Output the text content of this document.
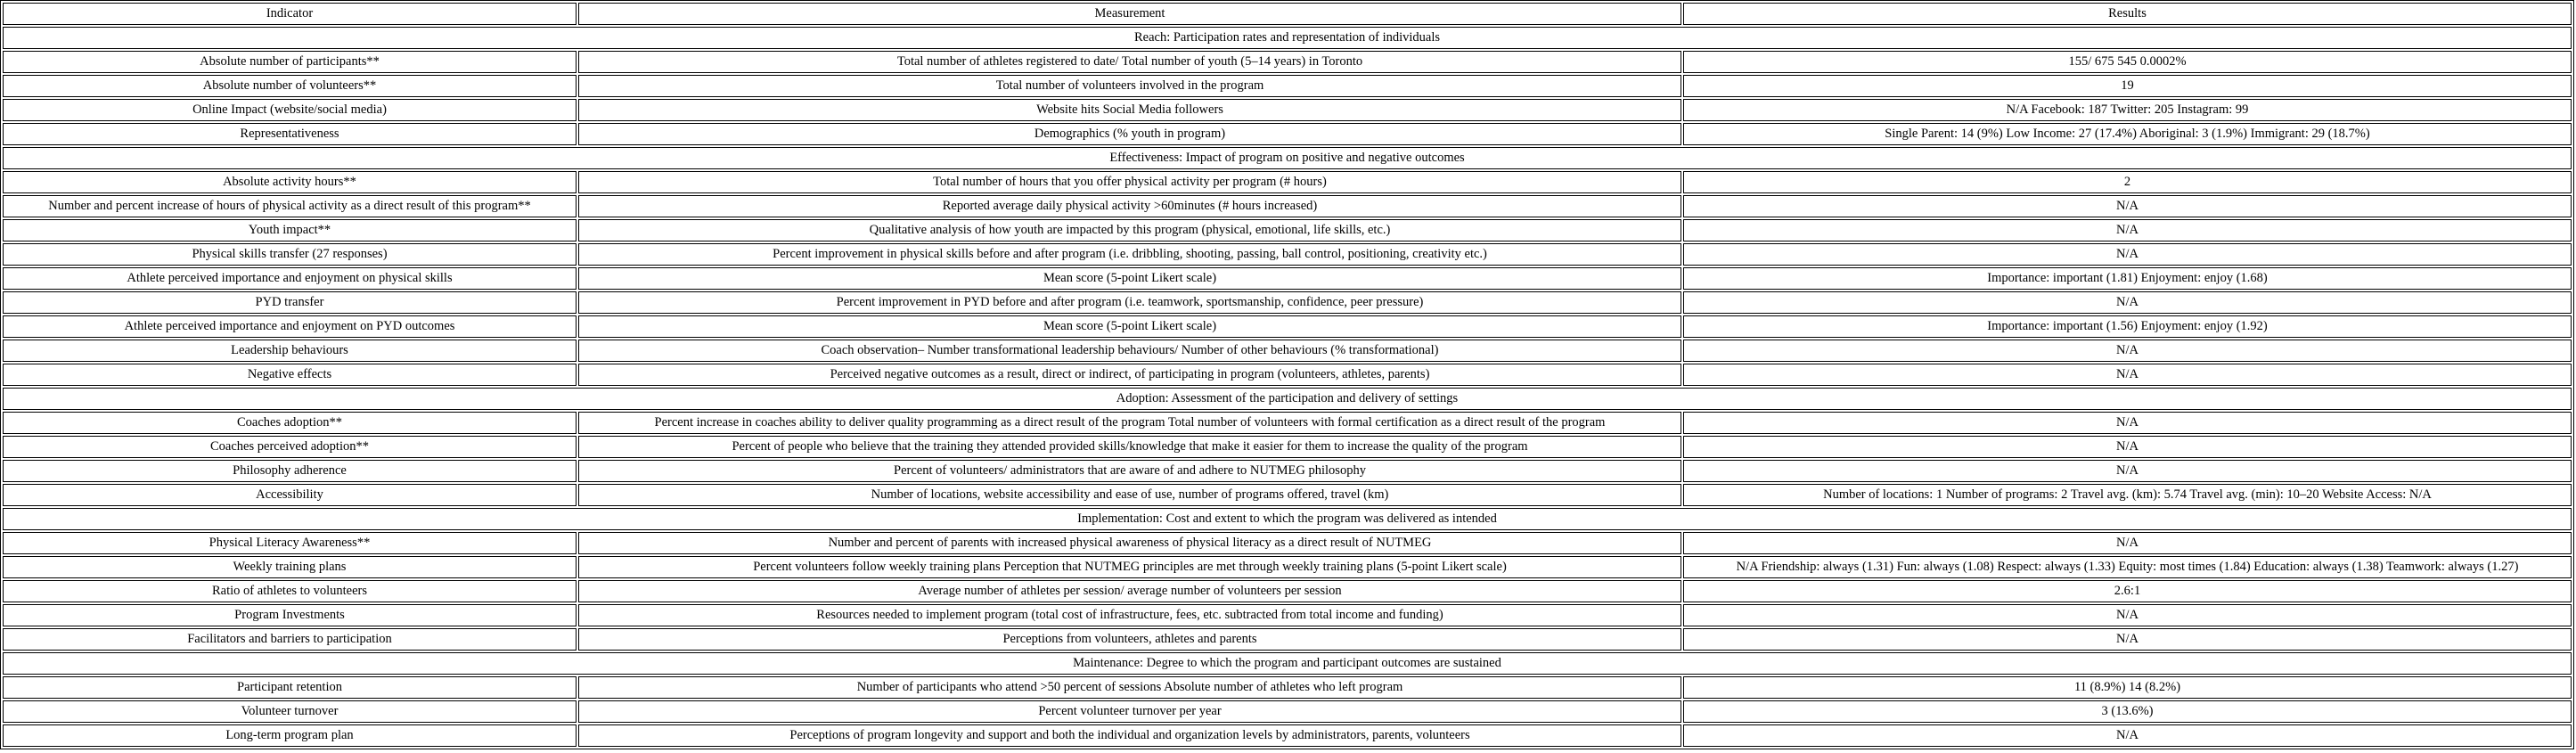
Indicator	Measurement	Results
Reach: Participation rates and representation of individuals		
Absolute number of participants**	Total number of athletes registered to date/ Total number of youth (5–14 years) in Toronto	155/ 675 545 0.0002%
Absolute number of volunteers**	Total number of volunteers involved in the program	19
Online Impact (website/social media)	Website hits Social Media followers	N/A Facebook: 187 Twitter: 205 Instagram: 99
Representativeness	Demographics (% youth in program)	Single Parent: 14 (9%) Low Income: 27 (17.4%) Aboriginal: 3 (1.9%) Immigrant: 29 (18.7%)
Effectiveness: Impact of program on positive and negative outcomes		
Absolute activity hours**	Total number of hours that you offer physical activity per program (# hours)	2
Number and percent increase of hours of physical activity as a direct result of this program**	Reported average daily physical activity >60minutes (# hours increased)	N/A
Youth impact**	Qualitative analysis of how youth are impacted by this program (physical, emotional, life skills, etc.)	N/A
Physical skills transfer (27 responses)	Percent improvement in physical skills before and after program (i.e. dribbling, shooting, passing, ball control, positioning, creativity etc.)	N/A
Athlete perceived importance and enjoyment on physical skills	Mean score (5-point Likert scale)	Importance: important (1.81) Enjoyment: enjoy (1.68)
PYD transfer	Percent improvement in PYD before and after program (i.e. teamwork, sportsmanship, confidence, peer pressure)	N/A
Athlete perceived importance and enjoyment on PYD outcomes	Mean score (5-point Likert scale)	Importance: important (1.56) Enjoyment: enjoy (1.92)
Leadership behaviours	Coach observation– Number transformational leadership behaviours/ Number of other behaviours (% transformational)	N/A
Negative effects	Perceived negative outcomes as a result, direct or indirect, of participating in program (volunteers, athletes, parents)	N/A
Adoption: Assessment of the participation and delivery of settings		
Coaches adoption**	Percent increase in coaches ability to deliver quality programming as a direct result of the program Total number of volunteers with formal certification as a direct result of the program	N/A
Coaches perceived adoption**	Percent of people who believe that the training they attended provided skills/knowledge that make it easier for them to increase the quality of the program	N/A
Philosophy adherence	Percent of volunteers/ administrators that are aware of and adhere to NUTMEG philosophy	N/A
Accessibility	Number of locations, website accessibility and ease of use, number of programs offered, travel (km)	Number of locations: 1 Number of programs: 2 Travel avg. (km): 5.74 Travel avg. (min): 10–20 Website Access: N/A
Implementation: Cost and extent to which the program was delivered as intended		
Physical Literacy Awareness**	Number and percent of parents with increased physical awareness of physical literacy as a direct result of NUTMEG	N/A
Weekly training plans	Percent volunteers follow weekly training plans Perception that NUTMEG principles are met through weekly training plans (5-point Likert scale)	N/A Friendship: always (1.31) Fun: always (1.08) Respect: always (1.33) Equity: most times (1.84) Education: always (1.38) Teamwork: always (1.27)
Ratio of athletes to volunteers	Average number of athletes per session/ average number of volunteers per session	2.6:1
Program Investments	Resources needed to implement program (total cost of infrastructure, fees, etc. subtracted from total income and funding)	N/A
Facilitators and barriers to participation	Perceptions from volunteers, athletes and parents	N/A
Maintenance: Degree to which the program and participant outcomes are sustained		
Participant retention	Number of participants who attend >50 percent of sessions Absolute number of athletes who left program	11 (8.9%) 14 (8.2%)
Volunteer turnover	Percent volunteer turnover per year	3 (13.6%)
Long-term program plan	Perceptions of program longevity and support and both the individual and organization levels by administrators, parents, volunteers	N/A
